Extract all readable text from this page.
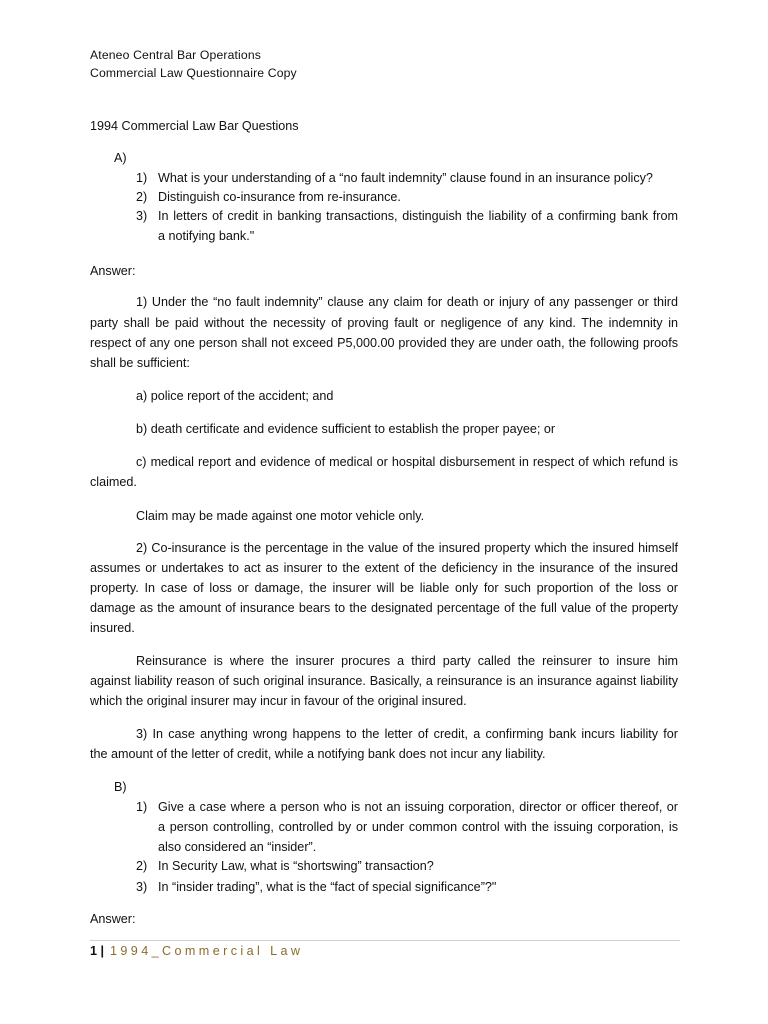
Ateneo Central Bar Operations
Commercial Law Questionnaire Copy
1994 Commercial Law Bar Questions
A)
1) What is your understanding of a “no fault indemnity” clause found in an insurance policy?
2) Distinguish co-insurance from re-insurance.
3) In letters of credit in banking transactions, distinguish the liability of a confirming bank from
a notifying bank."
Answer:
1) Under the “no fault indemnity” clause any claim for death or injury of any passenger or third
party shall be paid without the necessity of proving fault or negligence of any kind. The indemnity in
respect of any one person shall not exceed P5,000.00 provided they are under oath, the following proofs
shall be sufficient:
a) police report of the accident; and
b) death certificate and evidence sufficient to establish the proper payee; or
c) medical report and evidence of medical or hospital disbursement in respect of which refund is
claimed.
Claim may be made against one motor vehicle only.
2) Co-insurance is the percentage in the value of the insured property which the insured himself
assumes or undertakes to act as insurer to the extent of the deficiency in the insurance of the insured
property. In case of loss or damage, the insurer will be liable only for such proportion of the loss or
damage as the amount of insurance bears to the designated percentage of the full value of the property
insured.
Reinsurance is where the insurer procures a third party called the reinsurer to insure him
against liability reason of such original insurance. Basically, a reinsurance is an insurance against liability
which the original insurer may incur in favour of the original insured.
3) In case anything wrong happens to the letter of credit, a confirming bank incurs liability for
the amount of the letter of credit, while a notifying bank does not incur any liability.
B)
1) Give a case where a person who is not an issuing corporation, director or officer thereof, or
a person controlling, controlled by or under common control with the issuing corporation, is
also considered an “insider”.
2) In Security Law, what is “shortswing” transaction?
3) In “insider trading”, what is the “fact of special significance”?"
Answer:
1 | 1994_Commercial Law
